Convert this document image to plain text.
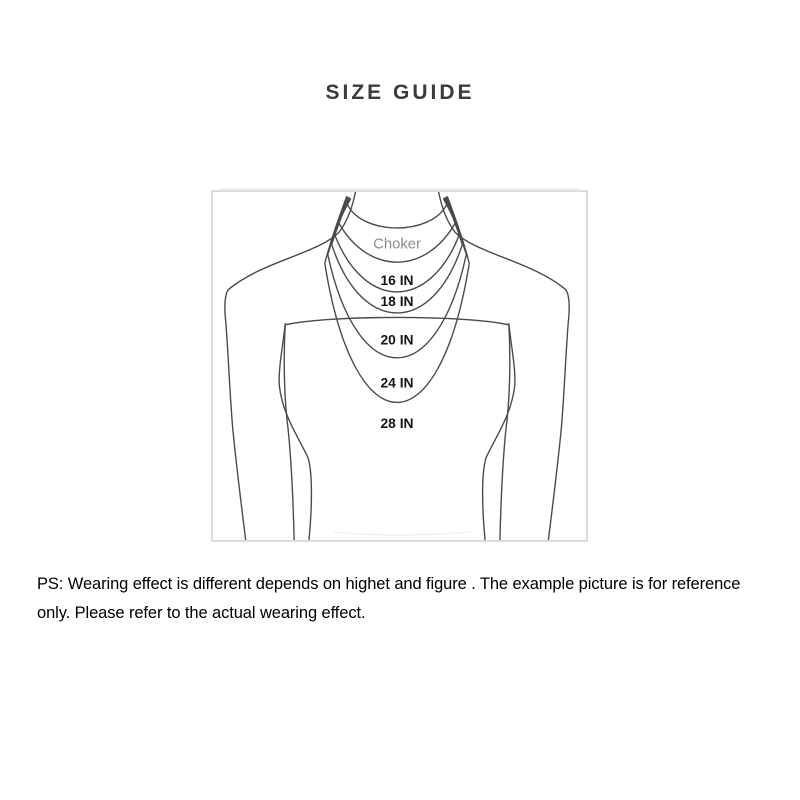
SIZE GUIDE
Choker
16 IN
18 IN
20 IN
24 IN
28 IN
PS: Wearing effect is different depends on highet and figure . The example picture is for reference
only. Please refer to the actual wearing effect.
